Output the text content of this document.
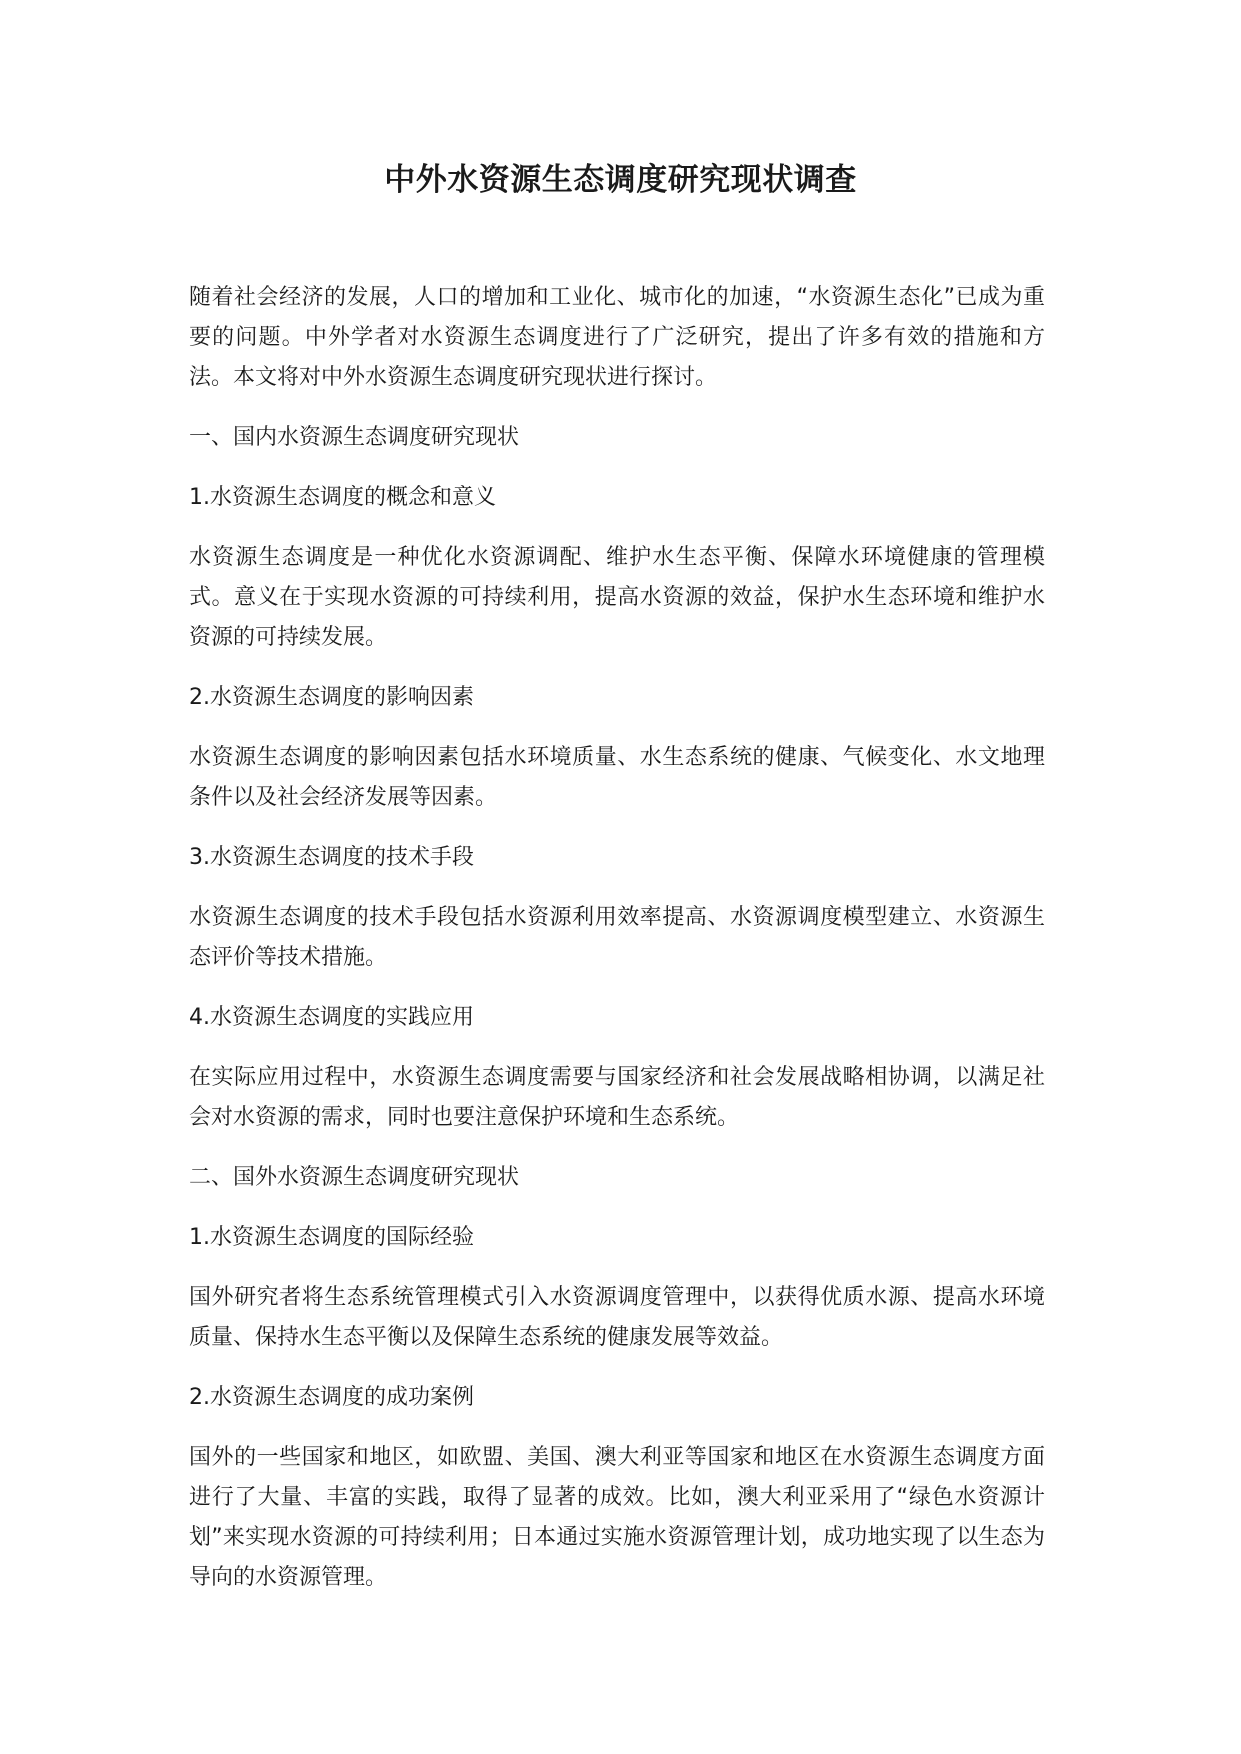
中外水资源生态调度研究现状调查
随着社会经济的发展，人口的增加和工业化、城市化的加速，“水资源生态化”已成为重要的问题。中外学者对水资源生态调度进行了广泛研究，提出了许多有效的措施和方法。本文将对中外水资源生态调度研究现状进行探讨。
一、国内水资源生态调度研究现状
1.水资源生态调度的概念和意义
水资源生态调度是一种优化水资源调配、维护水生态平衡、保障水环境健康的管理模式。意义在于实现水资源的可持续利用，提高水资源的效益，保护水生态环境和维护水资源的可持续发展。
2.水资源生态调度的影响因素
水资源生态调度的影响因素包括水环境质量、水生态系统的健康、气候变化、水文地理条件以及社会经济发展等因素。
3.水资源生态调度的技术手段
水资源生态调度的技术手段包括水资源利用效率提高、水资源调度模型建立、水资源生态评价等技术措施。
4.水资源生态调度的实践应用
在实际应用过程中，水资源生态调度需要与国家经济和社会发展战略相协调，以满足社会对水资源的需求，同时也要注意保护环境和生态系统。
二、国外水资源生态调度研究现状
1.水资源生态调度的国际经验
国外研究者将生态系统管理模式引入水资源调度管理中，以获得优质水源、提高水环境质量、保持水生态平衡以及保障生态系统的健康发展等效益。
2.水资源生态调度的成功案例
国外的一些国家和地区，如欧盟、美国、澳大利亚等国家和地区在水资源生态调度方面进行了大量、丰富的实践，取得了显著的成效。比如，澳大利亚采用了“绿色水资源计划”来实现水资源的可持续利用；日本通过实施水资源管理计划，成功地实现了以生态为导向的水资源管理。
